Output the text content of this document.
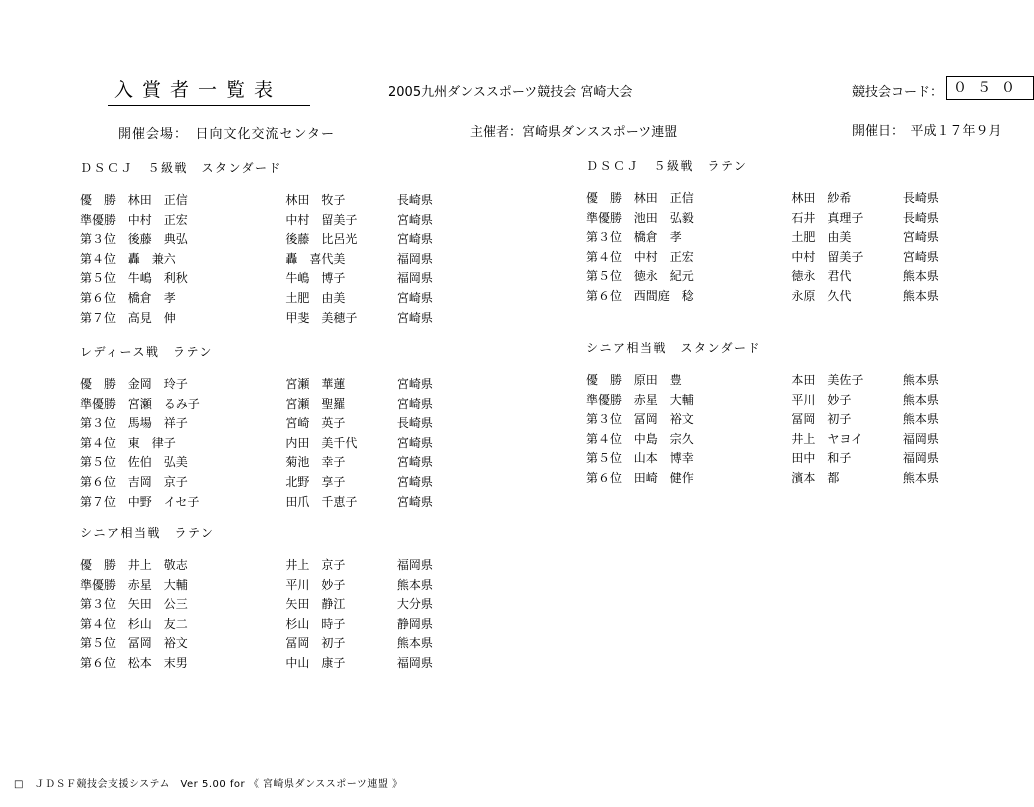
入賞者一覧表	2005九州ダンススポーツ競技会 宮崎大会	競技会コード： ０５０
開催会場：　日向文化交流センター	主催者：宮崎県ダンススポーツ連盟	開催日：　平成１７年９月
ＤＳＣＪ　５級戦　スタンダード
優　勝 林田　正信	林田　牧子	長崎県
準優勝 中村　正宏	中村　留美子	宮崎県
第３位 後藤　典弘	後藤　比呂光	宮崎県
第４位 轟　兼六	轟　喜代美	福岡県
第５位 牛嶋　利秋	牛嶋　博子	福岡県
第６位 橋倉　孝	土肥　由美	宮崎県
第７位 高見　伸	甲斐　美穂子	宮崎県
レディース戦　ラテン
優　勝 金岡　玲子	宮瀬　華蓮	宮崎県
準優勝 宮瀬　るみ子	宮瀬　聖羅	宮崎県
第３位 馬場　祥子	宮崎　英子	長崎県
第４位 東　律子	内田　美千代	宮崎県
第５位 佐伯　弘美	菊池　幸子	宮崎県
第６位 吉岡　京子	北野　享子	宮崎県
第７位 中野　イセ子	田爪　千恵子	宮崎県
シニア相当戦　ラテン
優　勝 井上　敬志	井上　京子	福岡県
準優勝 赤星　大輔	平川　妙子	熊本県
第３位 矢田　公三	矢田　静江	大分県
第４位 杉山　友二	杉山　時子	静岡県
第５位 冨岡　裕文	冨岡　初子	熊本県
第６位 松本　末男	中山　康子	福岡県
ＤＳＣＪ　５級戦　ラテン
優　勝 林田　正信	林田　紗希	長崎県
準優勝 池田　弘毅	石井　真理子	長崎県
第３位 橋倉　孝	土肥　由美	宮崎県
第４位 中村　正宏	中村　留美子	宮崎県
第５位 徳永　紀元	徳永　君代	熊本県
第６位 西間庭　稔	永原　久代	熊本県
シニア相当戦　スタンダード
優　勝 原田　豊	本田　美佐子	熊本県
準優勝 赤星　大輔	平川　妙子	熊本県
第３位 冨岡　裕文	冨岡　初子	熊本県
第４位 中島　宗久	井上　ヤヨイ	福岡県
第５位 山本　博幸	田中　和子	福岡県
第６位 田崎　健作	濱本　都	熊本県
□　ＪＤＳＦ競技会支援システム　Ver 5.00 for 《 宮崎県ダンススポーツ連盟 》
